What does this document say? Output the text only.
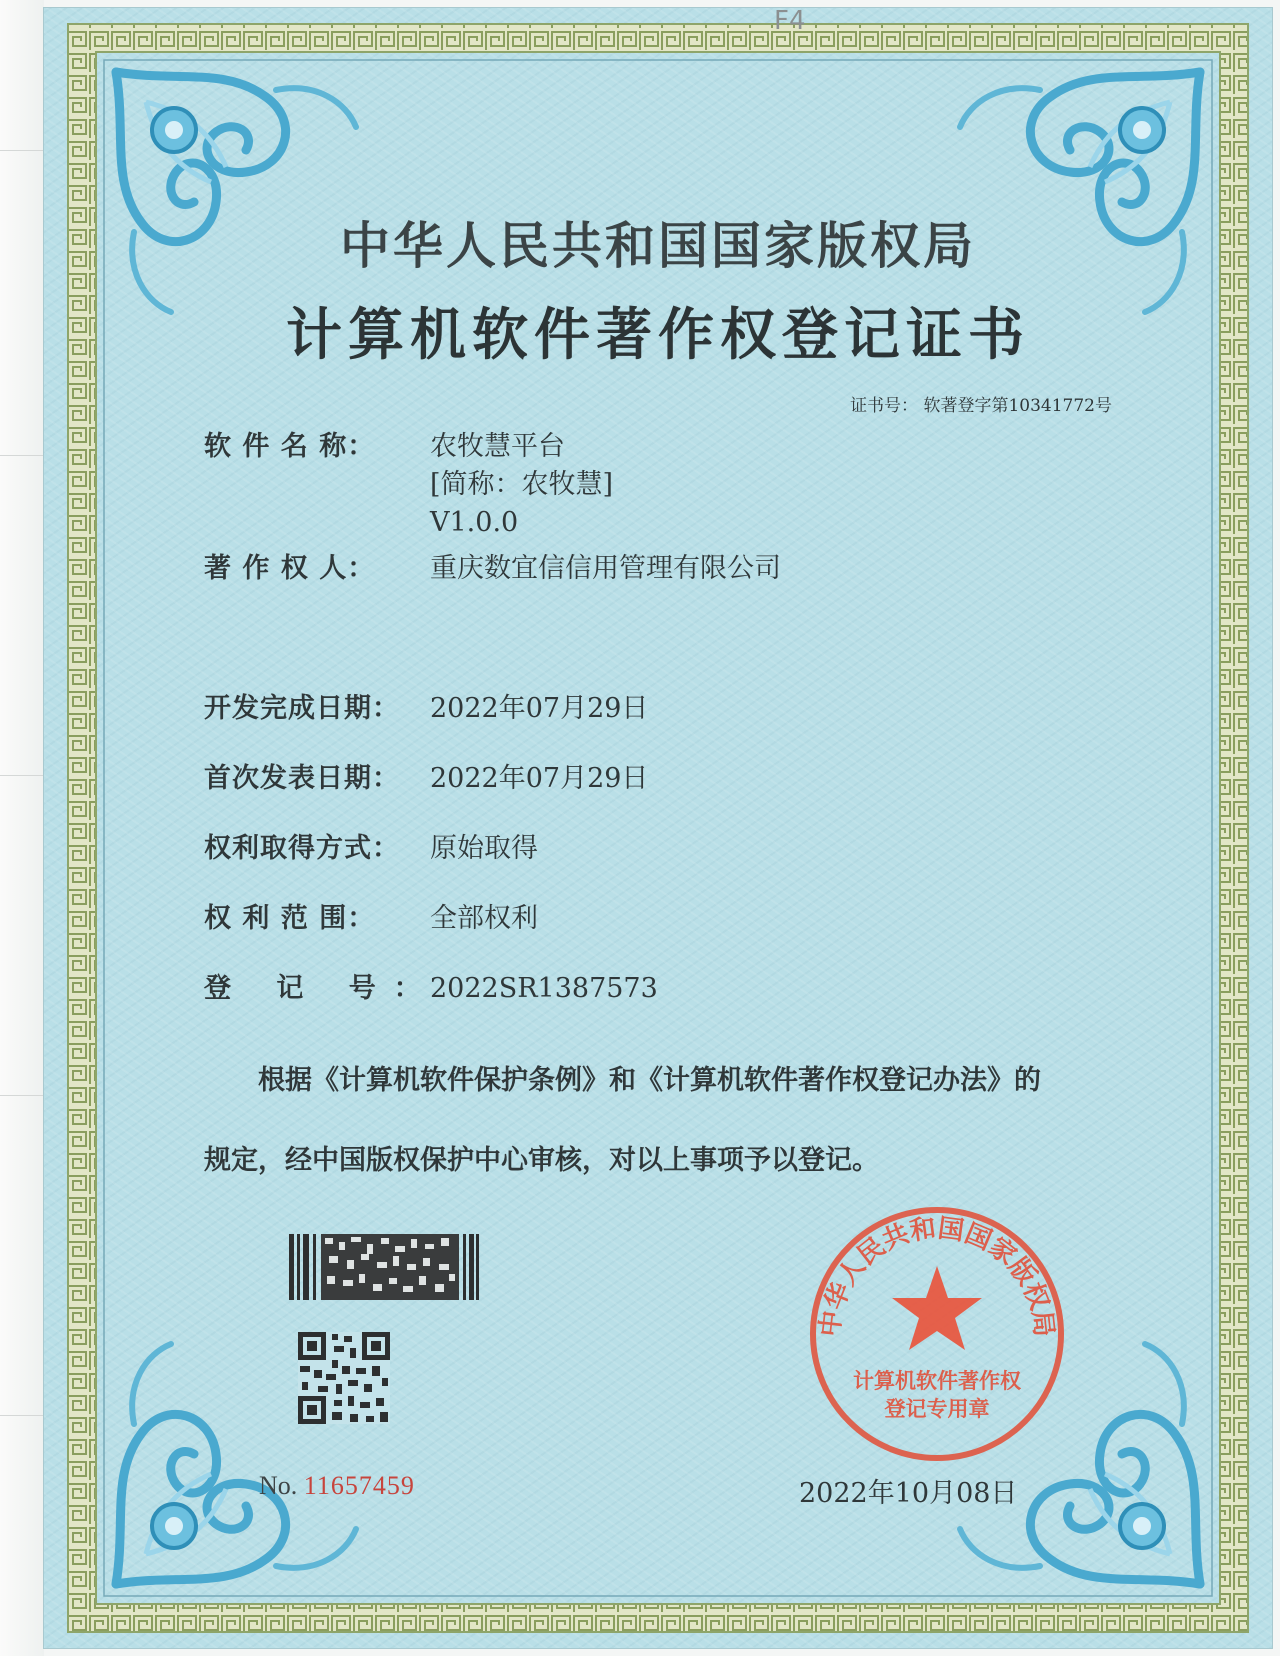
F4
中华人民共和国国家版权局
计算机软件著作权登记证书
证书号： 软著登字第10341772号
软 件 名 称：	农牧慧平台
[简称：农牧慧]
V1.0.0
著 作 权 人：	重庆数宜信信用管理有限公司
开发完成日期：	2022年07月29日
首次发表日期：	2022年07月29日
权利取得方式：	原始取得
权 利 范 围：	全部权利
登 记 号：
2022SR1387573
根据《计算机软件保护条例》和《计算机软件著作权登记办法》的
规定，经中国版权保护中心审核，对以上事项予以登记。
No. 11657459
中华人民共和国国家版权局
计算机软件著作权
登记专用章
2022年10月08日
